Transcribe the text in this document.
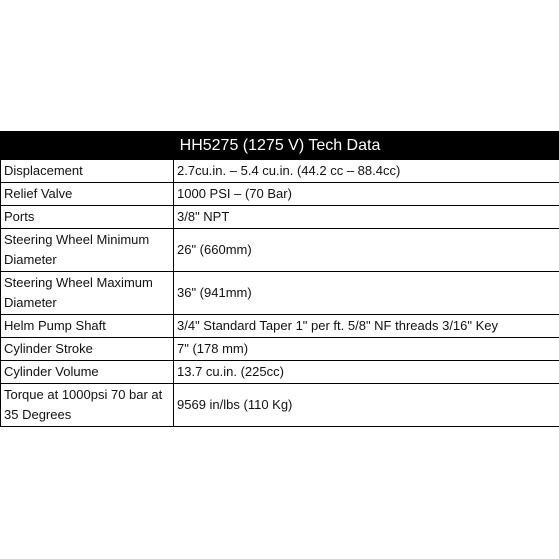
HH5275 (1275 V) Tech Data	
Displacement	2.7cu.in. – 5.4 cu.in. (44.2 cc – 88.4cc)
Relief Valve	1000 PSI – (70 Bar)
Ports	3/8" NPT
Steering Wheel Minimum Diameter	26" (660mm)
Steering Wheel Maximum Diameter	36" (941mm)
Helm Pump Shaft	3/4" Standard Taper 1" per ft. 5/8" NF threads 3/16" Key
Cylinder Stroke	7" (178 mm)
Cylinder Volume	13.7 cu.in. (225cc)
Torque at 1000psi 70 bar at 35 Degrees	9569 in/lbs (110 Kg)
